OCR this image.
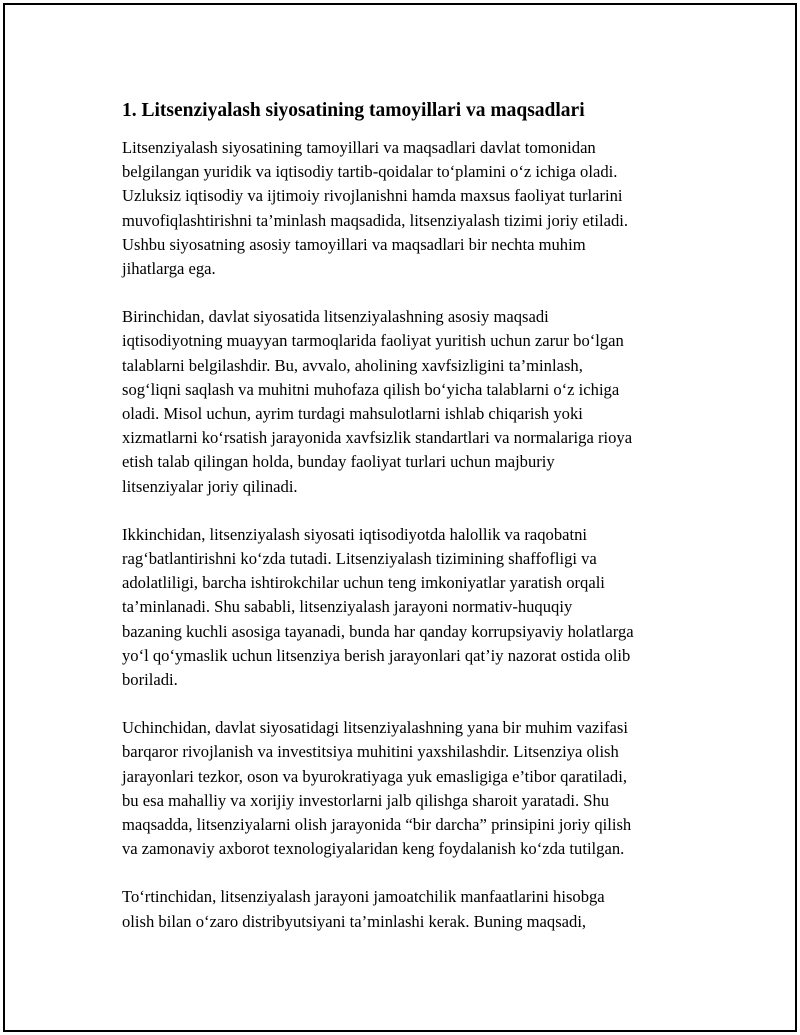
1. Litsenziyalash siyosatining tamoyillari va maqsadlari

Litsenziyalash siyosatining tamoyillari va maqsadlari davlat tomonidan
belgilangan yuridik va iqtisodiy tartib-qoidalar to‘plamini o‘z ichiga oladi.
Uzluksiz iqtisodiy va ijtimoiy rivojlanishni hamda maxsus faoliyat turlarini
muvofiqlashtirishni ta’minlash maqsadida, litsenziyalash tizimi joriy etiladi.
Ushbu siyosatning asosiy tamoyillari va maqsadlari bir nechta muhim
jihatlarga ega.

Birinchidan, davlat siyosatida litsenziyalashning asosiy maqsadi
iqtisodiyotning muayyan tarmoqlarida faoliyat yuritish uchun zarur bo‘lgan
talablarni belgilashdir. Bu, avvalo, aholining xavfsizligini ta’minlash,
sog‘liqni saqlash va muhitni muhofaza qilish bo‘yicha talablarni o‘z ichiga
oladi. Misol uchun, ayrim turdagi mahsulotlarni ishlab chiqarish yoki
xizmatlarni ko‘rsatish jarayonida xavfsizlik standartlari va normalariga rioya
etish talab qilingan holda, bunday faoliyat turlari uchun majburiy
litsenziyalar joriy qilinadi.

Ikkinchidan, litsenziyalash siyosati iqtisodiyotda halollik va raqobatni
rag‘batlantirishni ko‘zda tutadi. Litsenziyalash tizimining shaffofligi va
adolatliligi, barcha ishtirokchilar uchun teng imkoniyatlar yaratish orqali
ta’minlanadi. Shu sababli, litsenziyalash jarayoni normativ-huquqiy
bazaning kuchli asosiga tayanadi, bunda har qanday korrupsiyaviy holatlarga
yo‘l qo‘ymaslik uchun litsenziya berish jarayonlari qat’iy nazorat ostida olib
boriladi.

Uchinchidan, davlat siyosatidagi litsenziyalashning yana bir muhim vazifasi
barqaror rivojlanish va investitsiya muhitini yaxshilashdir. Litsenziya olish
jarayonlari tezkor, oson va byurokratiyaga yuk emasligiga e’tibor qaratiladi,
bu esa mahalliy va xorijiy investorlarni jalb qilishga sharoit yaratadi. Shu
maqsadda, litsenziyalarni olish jarayonida “bir darcha” prinsipini joriy qilish
va zamonaviy axborot texnologiyalaridan keng foydalanish ko‘zda tutilgan.

To‘rtinchidan, litsenziyalash jarayoni jamoatchilik manfaatlarini hisobga
olish bilan o‘zaro distribyutsiyani ta’minlashi kerak. Buning maqsadi,
